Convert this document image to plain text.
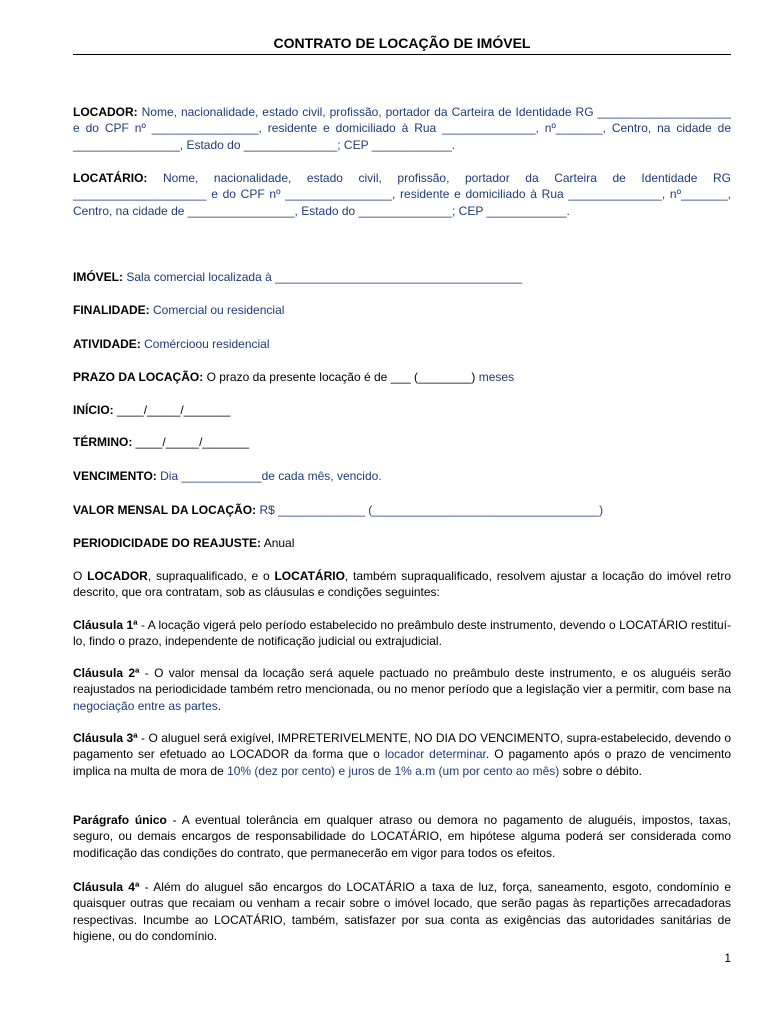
CONTRATO DE LOCAÇÃO DE IMÓVEL

LOCADOR: Nome, nacionalidade, estado civil, profissão, portador da Carteira de Identidade RG ____________________ e do CPF nº ________________, residente e domiciliado à Rua ______________, nº_______, Centro, na cidade de ________________, Estado do ______________; CEP ____________.

LOCATÁRIO: Nome, nacionalidade, estado civil, profissão, portador da Carteira de Identidade RG ____________________ e do CPF nº ________________, residente e domiciliado à Rua ______________, nº_______, Centro, na cidade de ________________, Estado do ______________; CEP ____________.

IMÓVEL: Sala comercial localizada à _____________________________________

FINALIDADE: Comercial ou residencial

ATIVIDADE: Comércioou residencial

PRAZO DA LOCAÇÃO: O prazo da presente locação é de ___ (________) meses

INÍCIO: ____/_____/_______

TÉRMINO: ____/_____/_______

VENCIMENTO: Dia ____________de cada mês, vencido.

VALOR MENSAL DA LOCAÇÃO: R$ _____________ (__________________________________)

PERIODICIDADE DO REAJUSTE: Anual

O LOCADOR, supraqualificado, e o LOCATÁRIO, também supraqualificado, resolvem ajustar a locação do imóvel retro descrito, que ora contratam, sob as cláusulas e condições seguintes:

Cláusula 1ª - A locação vigerá pelo período estabelecido no preâmbulo deste instrumento, devendo o LOCATÁRIO restituí-lo, findo o prazo, independente de notificação judicial ou extrajudicial.

Cláusula 2ª - O valor mensal da locação será aquele pactuado no preâmbulo deste instrumento, e os aluguéis serão reajustados na periodicidade também retro mencionada, ou no menor período que a legislação vier a permitir, com base na negociação entre as partes.

Cláusula 3ª - O aluguel será exigível, IMPRETERIVELMENTE, NO DIA DO VENCIMENTO, supra-estabelecido, devendo o pagamento ser efetuado ao LOCADOR da forma que o locador determinar. O pagamento após o prazo de vencimento implica na multa de mora de 10% (dez por cento) e juros de 1% a.m (um por cento ao mês) sobre o débito.

Parágrafo único - A eventual tolerância em qualquer atraso ou demora no pagamento de aluguéis, impostos, taxas, seguro, ou demais encargos de responsabilidade do LOCATÁRIO, em hipótese alguma poderá ser considerada como modificação das condições do contrato, que permanecerão em vigor para todos os efeitos.

Cláusula 4ª - Além do aluguel são encargos do LOCATÁRIO a taxa de luz, força, saneamento, esgoto, condomínio e quaisquer outras que recaiam ou venham a recair sobre o imóvel locado, que serão pagas às repartições arrecadadoras respectivas. Incumbe ao LOCATÁRIO, também, satisfazer por sua conta as exigências das autoridades sanitárias de higiene, ou do condomínio.

1
